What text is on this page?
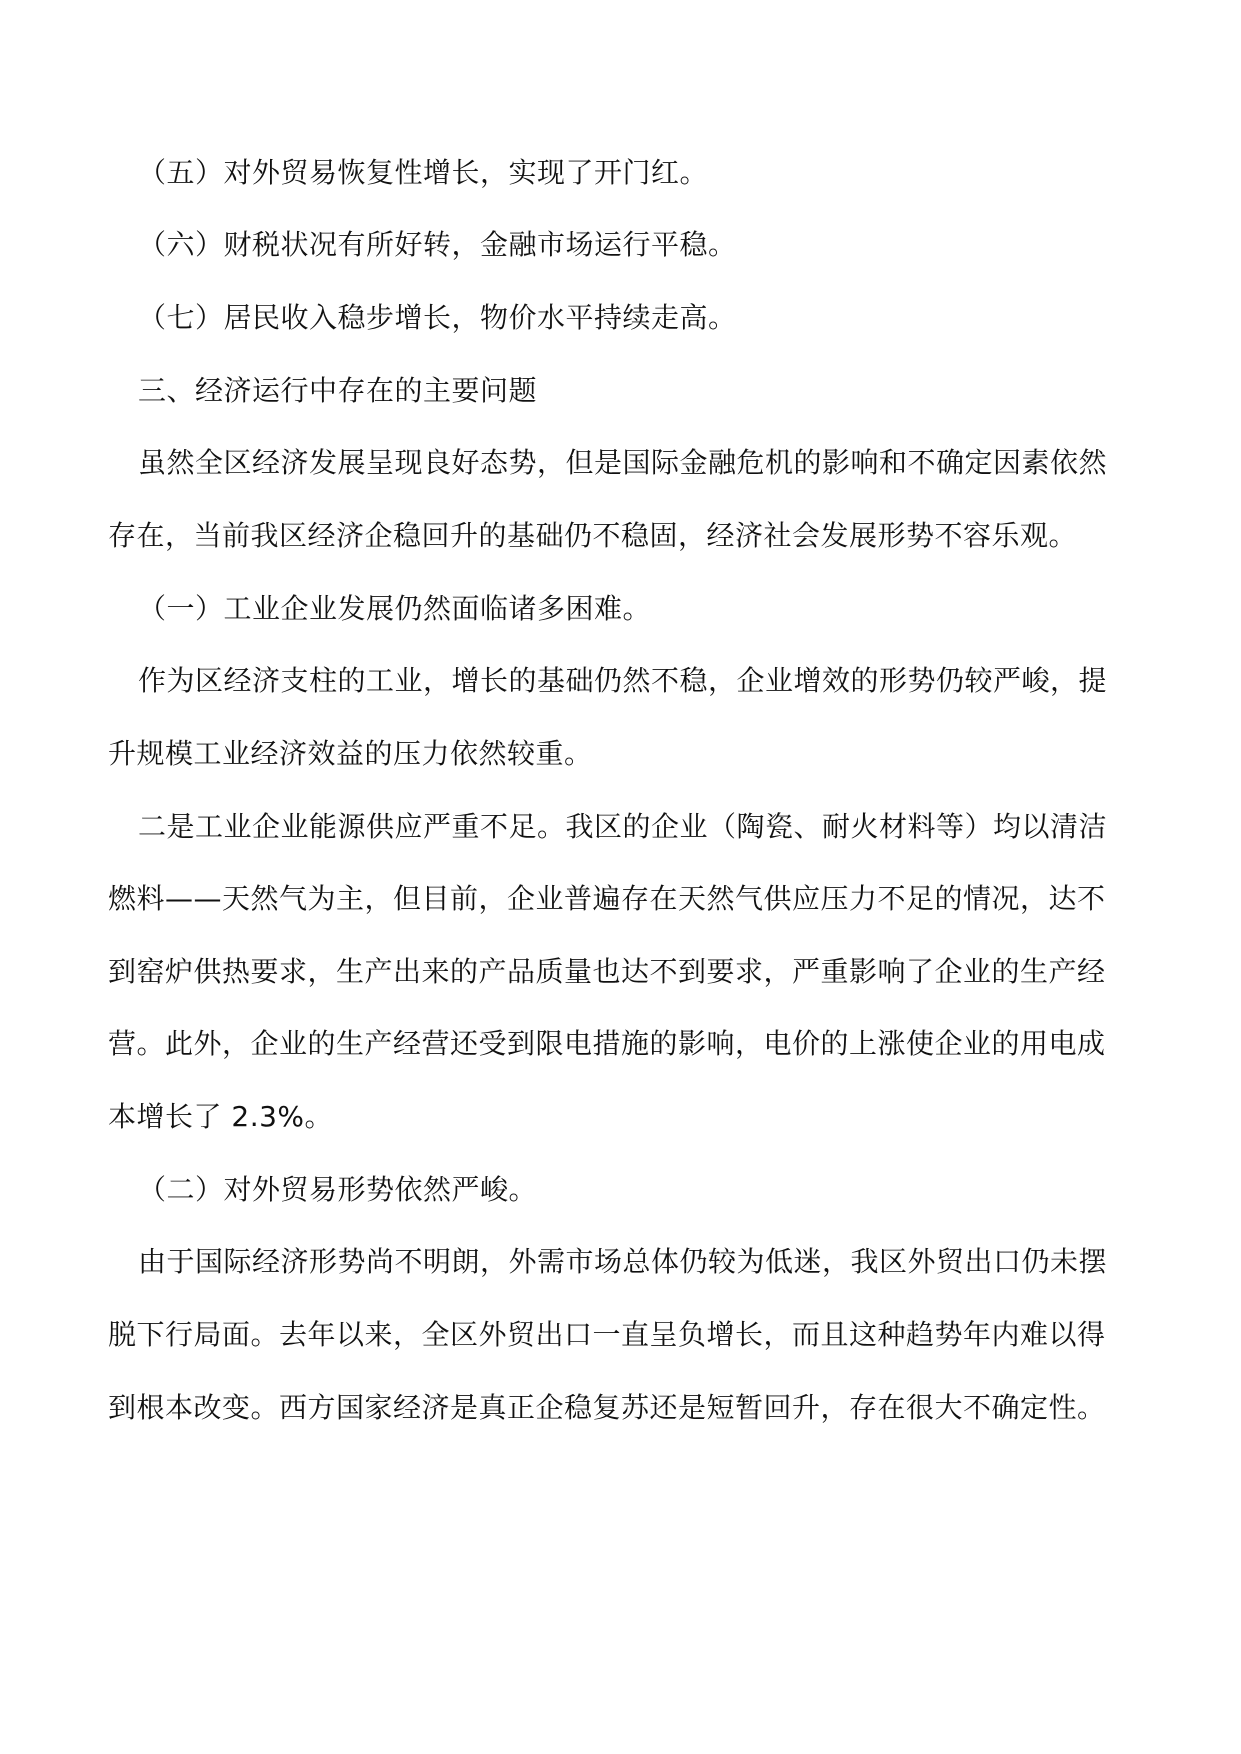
（五）对外贸易恢复性增长，实现了开门红。
（六）财税状况有所好转，金融市场运行平稳。
（七）居民收入稳步增长，物价水平持续走高。
三、经济运行中存在的主要问题
虽然全区经济发展呈现良好态势，但是国际金融危机的影响和不确定因素依然
存在，当前我区经济企稳回升的基础仍不稳固，经济社会发展形势不容乐观。
（一）工业企业发展仍然面临诸多困难。
作为区经济支柱的工业，增长的基础仍然不稳，企业增效的形势仍较严峻，提
升规模工业经济效益的压力依然较重。
二是工业企业能源供应严重不足。我区的企业（陶瓷、耐火材料等）均以清洁
燃料——天然气为主，但目前，企业普遍存在天然气供应压力不足的情况，达不
到窑炉供热要求，生产出来的产品质量也达不到要求，严重影响了企业的生产经
营。此外，企业的生产经营还受到限电措施的影响，电价的上涨使企业的用电成
本增长了 2.3%。
（二）对外贸易形势依然严峻。
由于国际经济形势尚不明朗，外需市场总体仍较为低迷，我区外贸出口仍未摆
脱下行局面。去年以来，全区外贸出口一直呈负增长，而且这种趋势年内难以得
到根本改变。西方国家经济是真正企稳复苏还是短暂回升，存在很大不确定性。
